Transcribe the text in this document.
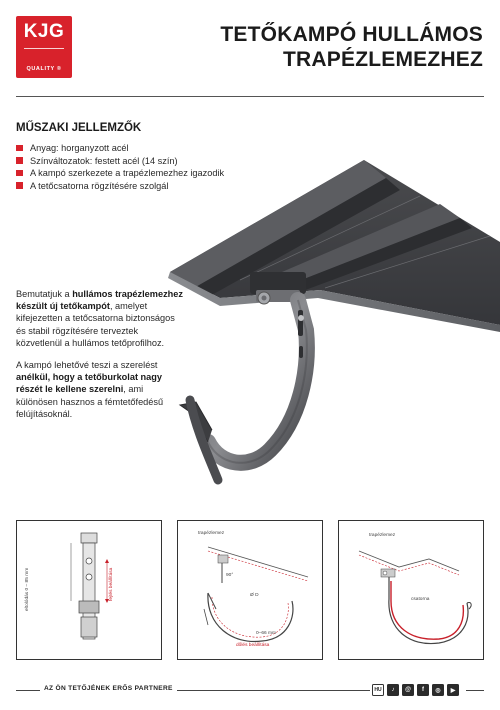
KJG
QUALITY ®
TETŐKAMPÓ HULLÁMOS
TRAPÉZLEMEZHEZ
MŰSZAKI JELLEMZŐK
Anyag: horganyzott acél
Színváltozatok: festett acél (14 szín)
A kampó szerkezete a trapézlemezhez igazodik
A tetőcsatorna rögzítésére szolgál

Bemutatjuk a hullámos trapézlemezhez készült új tetőkampót, amelyet kifejezetten a tetőcsatorna biztonságos és stabil rögzítésére terveztek közvetlenül a hullámos tetőprofilhoz.

A kampó lehetővé teszi a szerelést anélkül, hogy a tetőburkolat nagy részét le kellene szerelni, ami különösen hasznos a fémtetőfedésű felújításoknál.

eltolódás 0 – 85 mm	fejtés beállítása
trapézlemez
90°
Ø D
0–66 mm
dőlés beállítása
trapézlemez
csatorna
AZ ÖN TETŐJÉNEK ERŐS PARTNERE	HU	♪	@	f	◎	▶
